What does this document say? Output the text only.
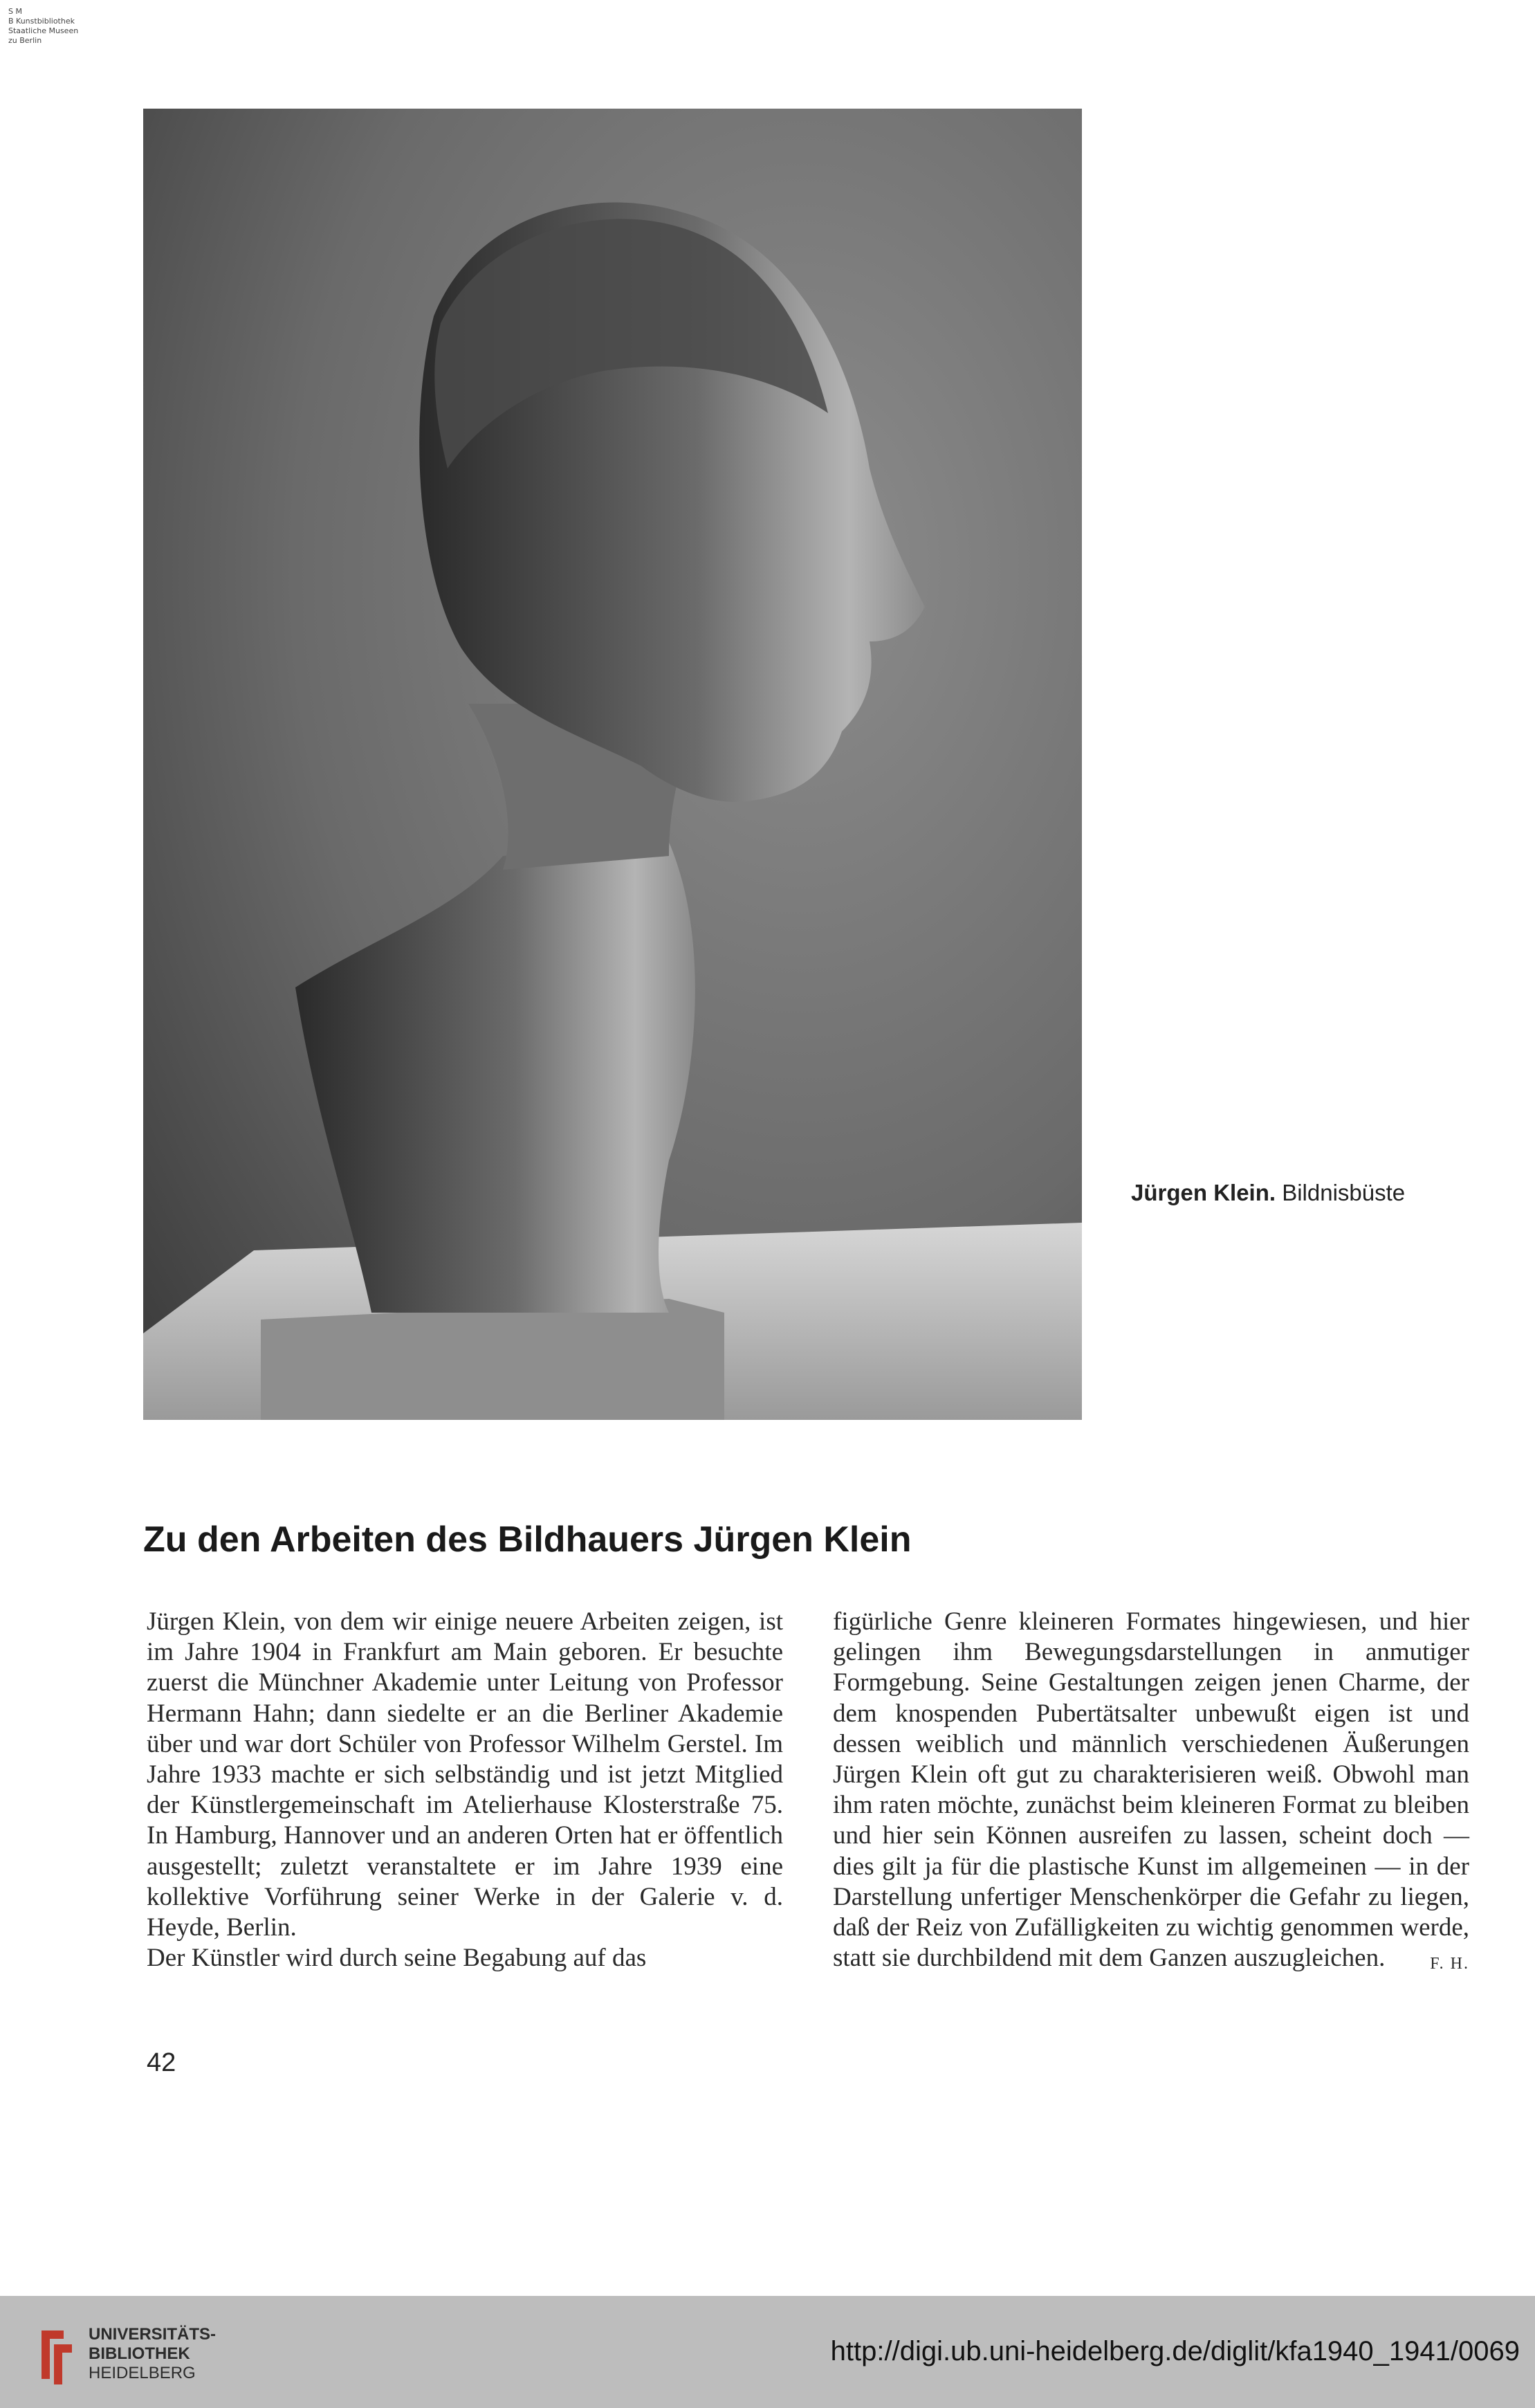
S M
B Kunstbibliothek
Staatliche Museen
zu Berlin
Jürgen Klein. Bildnisbüste
Zu den Arbeiten des Bildhauers Jürgen Klein

Jürgen Klein, von dem wir einige neuere Arbeiten zeigen, ist im Jahre 1904 in Frankfurt am Main geboren. Er besuchte zuerst die Münchner Akademie unter Leitung von Professor Hermann Hahn; dann siedelte er an die Berliner Akademie über und war dort Schüler von Professor Wilhelm Gerstel. Im Jahre 1933 machte er sich selbständig und ist jetzt Mitglied der Künstlergemeinschaft im Atelierhause Klosterstraße 75. In Hamburg, Hannover und an anderen Orten hat er öffentlich ausgestellt; zuletzt veranstaltete er im Jahre 1939 eine kollektive Vorführung seiner Werke in der Galerie v. d. Heyde, Berlin.

Der Künstler wird durch seine Begabung auf das

figürliche Genre kleineren Formates hingewiesen, und hier gelingen ihm Bewegungsdarstellungen in anmutiger Formgebung. Seine Gestaltungen zeigen jenen Charme, der dem knospenden Pubertätsalter unbewußt eigen ist und dessen weiblich und männlich verschiedenen Äußerungen Jürgen Klein oft gut zu charakterisieren weiß. Obwohl man ihm raten möchte, zunächst beim kleineren Format zu bleiben und hier sein Können ausreifen zu lassen, scheint doch — dies gilt ja für die plastische Kunst im allgemeinen — in der Darstellung unfertiger Menschenkörper die Gefahr zu liegen, daß der Reiz von Zufälligkeiten zu wichtig genommen werde, statt sie durchbildend mit dem Ganzen auszugleichen.	F. H.

42
UNIVERSITÄTS-
BIBLIOTHEK
HEIDELBERG
http://digi.ub.uni-heidelberg.de/diglit/kfa1940_1941/0069
